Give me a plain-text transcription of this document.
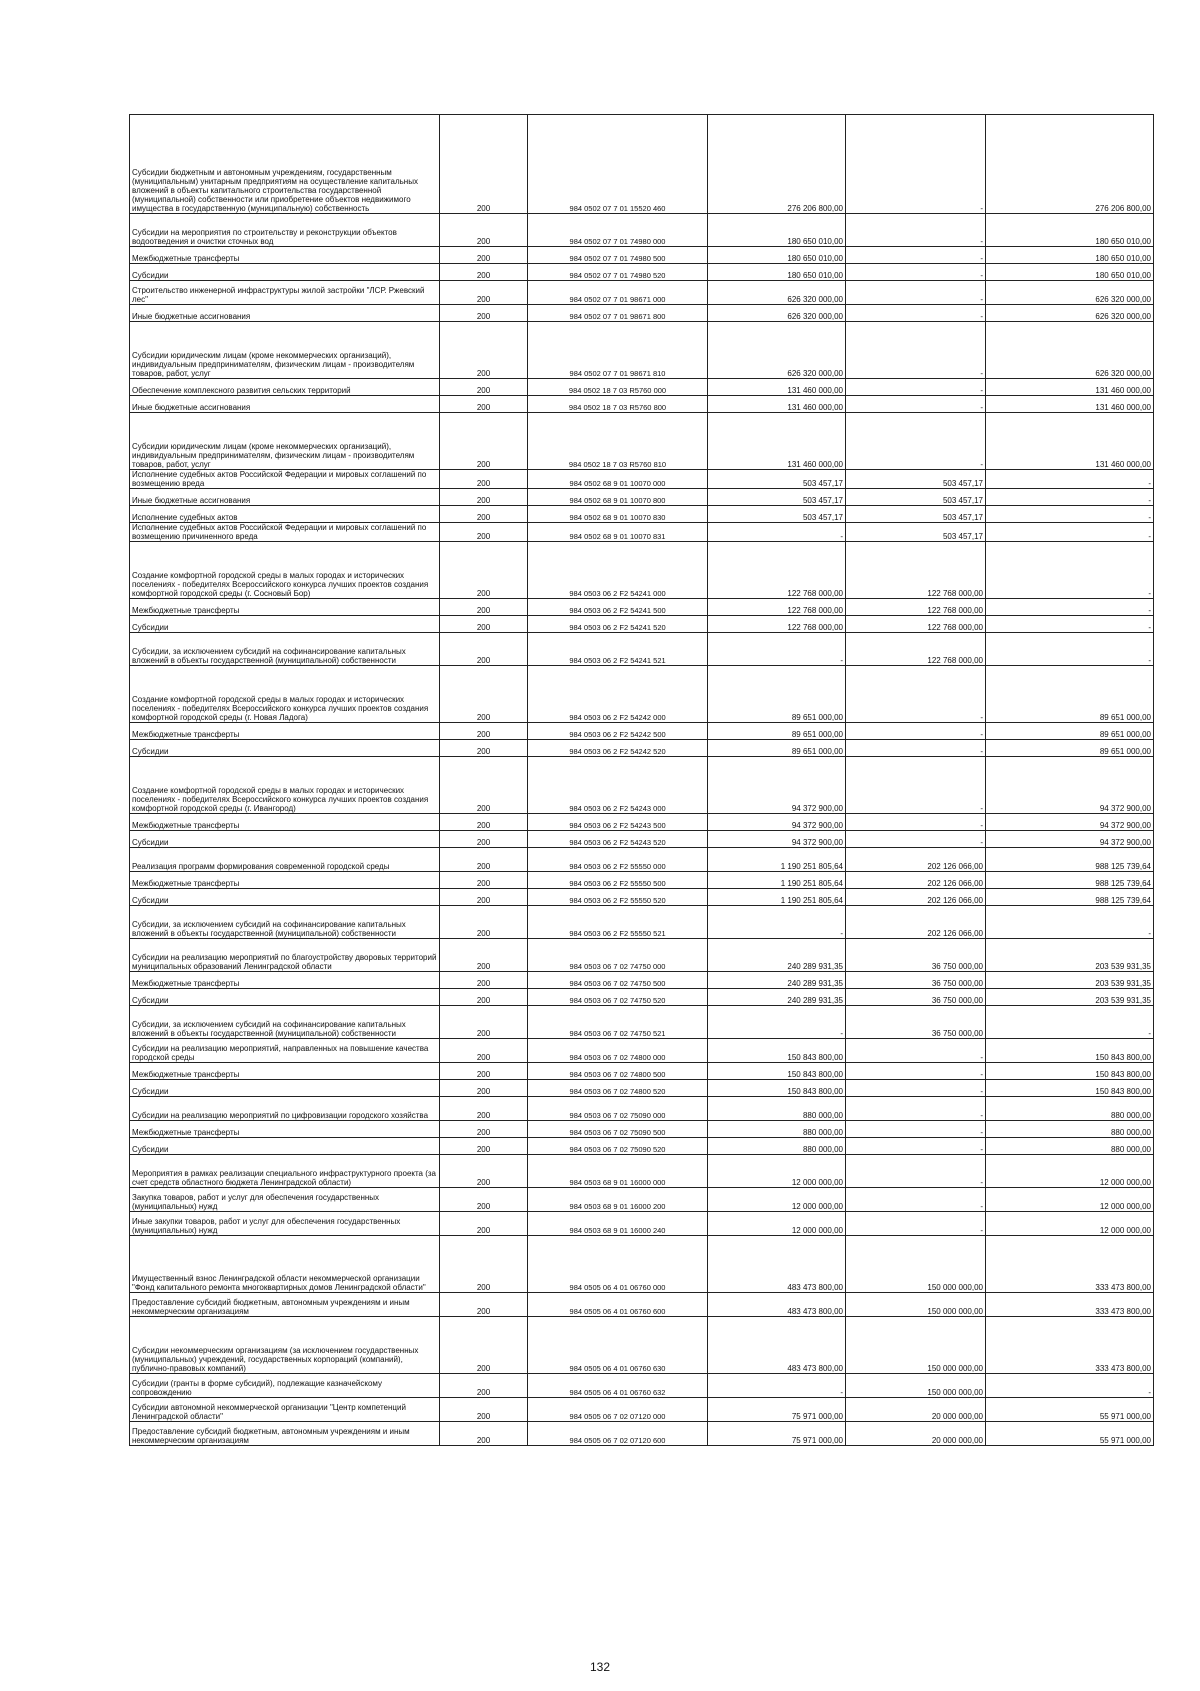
Субсидии бюджетным и автономным учреждениям, государственным (муниципальным) унитарным предприятиям на осуществление капитальных вложений в объекты капитального строительства государственной (муниципальной) собственности или приобретение объектов недвижимого имущества в государственную (муниципальную) собственность	200	984 0502 07 7 01 15520 460	276 206 800,00	-	276 206 800,00

Субсидии на мероприятия по строительству и реконструкции объектов водоотведения и очистки сточных вод	200	984 0502 07 7 01 74980 000	180 650 010,00	-	180 650 010,00

Межбюджетные трансферты	200	984 0502 07 7 01 74980 500	180 650 010,00	-	180 650 010,00

Субсидии	200	984 0502 07 7 01 74980 520	180 650 010,00	-	180 650 010,00

Строительство инженерной инфраструктуры жилой застройки "ЛСР. Ржевский лес"	200	984 0502 07 7 01 98671 000	626 320 000,00	-	626 320 000,00

Иные бюджетные ассигнования	200	984 0502 07 7 01 98671 800	626 320 000,00	-	626 320 000,00

Субсидии юридическим лицам (кроме некоммерческих организаций), индивидуальным предпринимателям, физическим лицам - производителям товаров, работ, услуг	200	984 0502 07 7 01 98671 810	626 320 000,00	-	626 320 000,00

Обеспечение комплексного развития сельских территорий	200	984 0502 18 7 03 R5760 000	131 460 000,00	-	131 460 000,00

Иные бюджетные ассигнования	200	984 0502 18 7 03 R5760 800	131 460 000,00	-	131 460 000,00

Субсидии юридическим лицам (кроме некоммерческих организаций), индивидуальным предпринимателям, физическим лицам - производителям товаров, работ, услуг	200	984 0502 18 7 03 R5760 810	131 460 000,00	-	131 460 000,00

Исполнение судебных актов Российской Федерации и мировых соглашений по возмещению вреда	200	984 0502 68 9 01 10070 000	503 457,17	503 457,17	-

Иные бюджетные ассигнования	200	984 0502 68 9 01 10070 800	503 457,17	503 457,17	-

Исполнение судебных актов	200	984 0502 68 9 01 10070 830	503 457,17	503 457,17	-

Исполнение судебных актов Российской Федерации и мировых соглашений по возмещению причиненного вреда	200	984 0502 68 9 01 10070 831	-	503 457,17	-

Создание комфортной городской среды в малых городах и исторических поселениях - победителях Всероссийского конкурса лучших проектов создания комфортной городской среды (г. Сосновый Бор)	200	984 0503 06 2 F2 54241 000	122 768 000,00	122 768 000,00	-

Межбюджетные трансферты	200	984 0503 06 2 F2 54241 500	122 768 000,00	122 768 000,00	-

Субсидии	200	984 0503 06 2 F2 54241 520	122 768 000,00	122 768 000,00	-

Субсидии, за исключением субсидий на софинансирование капитальных вложений в объекты государственной (муниципальной) собственности	200	984 0503 06 2 F2 54241 521	-	122 768 000,00	-

Создание комфортной городской среды в малых городах и исторических поселениях - победителях Всероссийского конкурса лучших проектов создания комфортной городской среды (г. Новая Ладога)	200	984 0503 06 2 F2 54242 000	89 651 000,00	-	89 651 000,00

Межбюджетные трансферты	200	984 0503 06 2 F2 54242 500	89 651 000,00	-	89 651 000,00

Субсидии	200	984 0503 06 2 F2 54242 520	89 651 000,00	-	89 651 000,00

Создание комфортной городской среды в малых городах и исторических поселениях - победителях Всероссийского конкурса лучших проектов создания комфортной городской среды (г. Ивангород)	200	984 0503 06 2 F2 54243 000	94 372 900,00	-	94 372 900,00

Межбюджетные трансферты	200	984 0503 06 2 F2 54243 500	94 372 900,00	-	94 372 900,00

Субсидии	200	984 0503 06 2 F2 54243 520	94 372 900,00	-	94 372 900,00

Реализация программ формирования современной городской среды	200	984 0503 06 2 F2 55550 000	1 190 251 805,64	202 126 066,00	988 125 739,64

Межбюджетные трансферты	200	984 0503 06 2 F2 55550 500	1 190 251 805,64	202 126 066,00	988 125 739,64

Субсидии	200	984 0503 06 2 F2 55550 520	1 190 251 805,64	202 126 066,00	988 125 739,64

Субсидии, за исключением субсидий на софинансирование капитальных вложений в объекты государственной (муниципальной) собственности	200	984 0503 06 2 F2 55550 521	-	202 126 066,00	-

Субсидии на реализацию мероприятий по благоустройству дворовых территорий муниципальных образований Ленинградской области	200	984 0503 06 7 02 74750 000	240 289 931,35	36 750 000,00	203 539 931,35

Межбюджетные трансферты	200	984 0503 06 7 02 74750 500	240 289 931,35	36 750 000,00	203 539 931,35

Субсидии	200	984 0503 06 7 02 74750 520	240 289 931,35	36 750 000,00	203 539 931,35

Субсидии, за исключением субсидий на софинансирование капитальных вложений в объекты государственной (муниципальной) собственности	200	984 0503 06 7 02 74750 521	-	36 750 000,00	-

Субсидии на реализацию мероприятий, направленных на повышение качества городской среды	200	984 0503 06 7 02 74800 000	150 843 800,00	-	150 843 800,00

Межбюджетные трансферты	200	984 0503 06 7 02 74800 500	150 843 800,00	-	150 843 800,00

Субсидии	200	984 0503 06 7 02 74800 520	150 843 800,00	-	150 843 800,00

Субсидии на реализацию мероприятий по цифровизации городского хозяйства	200	984 0503 06 7 02 75090 000	880 000,00	-	880 000,00

Межбюджетные трансферты	200	984 0503 06 7 02 75090 500	880 000,00	-	880 000,00

Субсидии	200	984 0503 06 7 02 75090 520	880 000,00	-	880 000,00

Мероприятия в рамках реализации специального инфраструктурного проекта (за счет средств областного бюджета Ленинградской области)	200	984 0503 68 9 01 16000 000	12 000 000,00	-	12 000 000,00

Закупка товаров, работ и услуг для обеспечения государственных (муниципальных) нужд	200	984 0503 68 9 01 16000 200	12 000 000,00	-	12 000 000,00

Иные закупки товаров, работ и услуг для обеспечения государственных (муниципальных) нужд	200	984 0503 68 9 01 16000 240	12 000 000,00	-	12 000 000,00

Имущественный взнос Ленинградской области некоммерческой организации "Фонд капитального ремонта многоквартирных домов Ленинградской области"	200	984 0505 06 4 01 06760 000	483 473 800,00	150 000 000,00	333 473 800,00

Предоставление субсидий бюджетным, автономным учреждениям и иным некоммерческим организациям	200	984 0505 06 4 01 06760 600	483 473 800,00	150 000 000,00	333 473 800,00

Субсидии некоммерческим организациям (за исключением государственных (муниципальных) учреждений, государственных корпораций (компаний), публично-правовых компаний)	200	984 0505 06 4 01 06760 630	483 473 800,00	150 000 000,00	333 473 800,00

Субсидии (гранты в форме субсидий), подлежащие казначейскому сопровождению	200	984 0505 06 4 01 06760 632	-	150 000 000,00	-

Субсидии автономной некоммерческой организации "Центр компетенций Ленинградской области"	200	984 0505 06 7 02 07120 000	75 971 000,00	20 000 000,00	55 971 000,00

Предоставление субсидий бюджетным, автономным учреждениям и иным некоммерческим организациям	200	984 0505 06 7 02 07120 600	75 971 000,00	20 000 000,00	55 971 000,00
132
